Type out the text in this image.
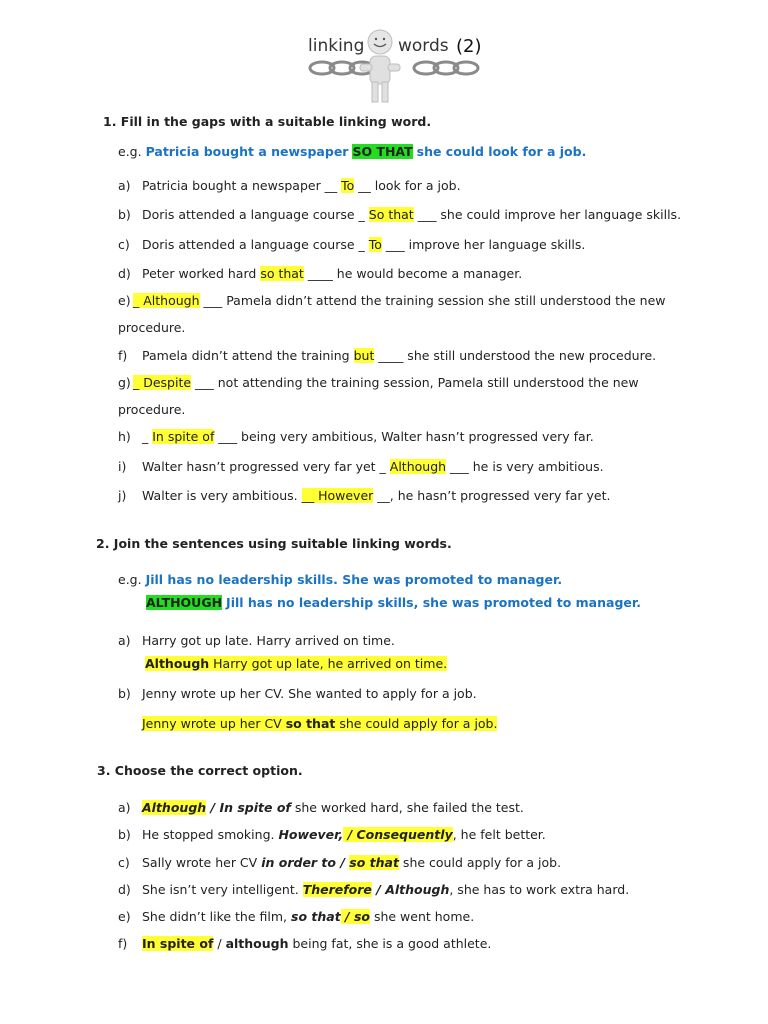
linking words (2)
1. Fill in the gaps with a suitable linking word.
e.g. Patricia bought a newspaper SO THAT she could look for a job.
a) Patricia bought a newspaper __ To __ look for a job.
b) Doris attended a language course _ So that ___ she could improve her language skills.
c) Doris attended a language course _ To ___ improve her language skills.
d) Peter worked hard so that ____ he would become a manager.
e) _ Although ___ Pamela didn’t attend the training session she still understood the new
procedure.
f) Pamela didn’t attend the training but ____ she still understood the new procedure.
g) _ Despite ___ not attending the training session, Pamela still understood the new
procedure.
h) _ In spite of ___ being very ambitious, Walter hasn’t progressed very far.
i) Walter hasn’t progressed very far yet _ Although ___ he is very ambitious.
j) Walter is very ambitious. __ However __, he hasn’t progressed very far yet.
2. Join the sentences using suitable linking words.
e.g. Jill has no leadership skills. She was promoted to manager.
ALTHOUGH Jill has no leadership skills, she was promoted to manager.
a) Harry got up late. Harry arrived on time.
Although Harry got up late, he arrived on time.
b) Jenny wrote up her CV. She wanted to apply for a job.
Jenny wrote up her CV so that she could apply for a job.
3. Choose the correct option.
a) Although / In spite of she worked hard, she failed the test.
b) He stopped smoking. However, / Consequently, he felt better.
c) Sally wrote her CV in order to / so that she could apply for a job.
d) She isn’t very intelligent. Therefore / Although, she has to work extra hard.
e) She didn’t like the film, so that / so she went home.
f) In spite of / although being fat, she is a good athlete.
